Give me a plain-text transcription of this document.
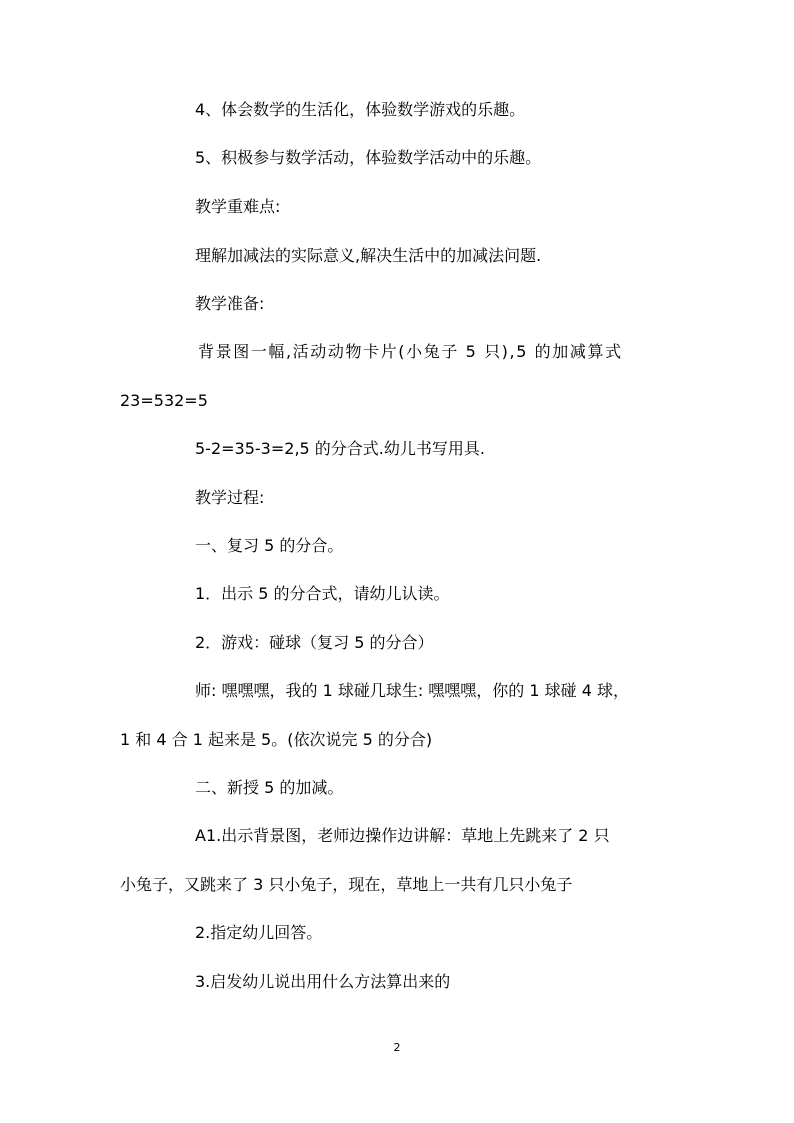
4、体会数学的生活化，体验数学游戏的乐趣。
5、积极参与数学活动，体验数学活动中的乐趣。
教学重难点:
理解加减法的实际意义,解决生活中的加减法问题.
教学准备:
背景图一幅,活动动物卡片(小兔子 5 只),5 的加减算式
23=532=5
5-2=35-3=2,5 的分合式.幼儿书写用具.
教学过程:
一、复习 5 的分合。
1．出示 5 的分合式，请幼儿认读。
2．游戏：碰球（复习 5 的分合）
师: 嘿嘿嘿，我的 1 球碰几球生: 嘿嘿嘿，你的 1 球碰 4 球，
1 和 4 合 1 起来是 5。(依次说完 5 的分合)
二、新授 5 的加减。
A1.出示背景图，老师边操作边讲解：草地上先跳来了 2 只
小兔子，又跳来了 3 只小兔子，现在，草地上一共有几只小兔子
2.指定幼儿回答。
3.启发幼儿说出用什么方法算出来的
2
